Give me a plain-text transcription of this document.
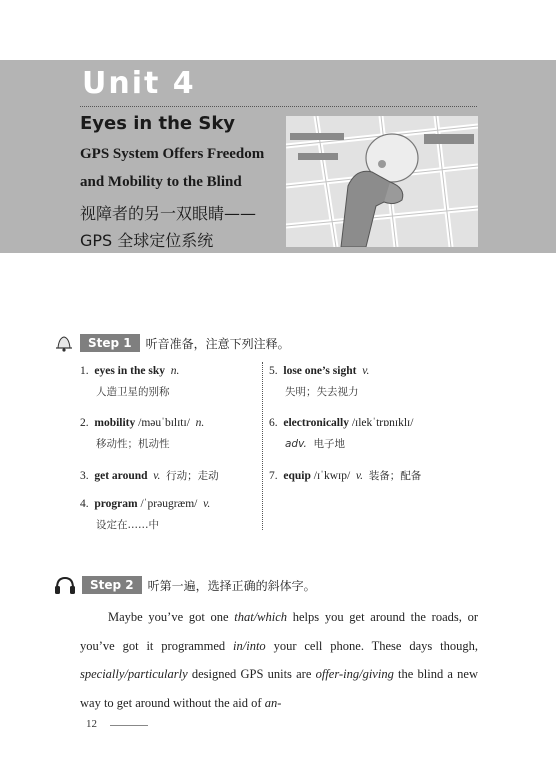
Unit 4
Eyes in the Sky
GPS System Offers Freedom
and Mobility to the Blind
视障者的另一双眼睛——
GPS 全球定位系统
Step 1	听音准备，注意下列注释。
1. eyes in the sky n.
人造卫星的别称
2. mobility /məuˈbɪlɪtɪ/ n.
移动性；机动性
3. get around v. 行动；走动
4. program /ˈprəugræm/ v.
设定在……中
5. lose one’s sight v.
失明；失去视力
6. electronically /ɪlekˈtrɒnɪklɪ/
adv. 电子地
7. equip /ɪˈkwɪp/ v. 装备；配备
Step 2	听第一遍，选择正确的斜体字。
Maybe you’ve got one that/which helps you get around the roads, or you’ve got it programmed in/into your cell phone. These days though, specially/particularly designed GPS units are offer-ing/giving the blind a new way to get around without the aid of an-
12
